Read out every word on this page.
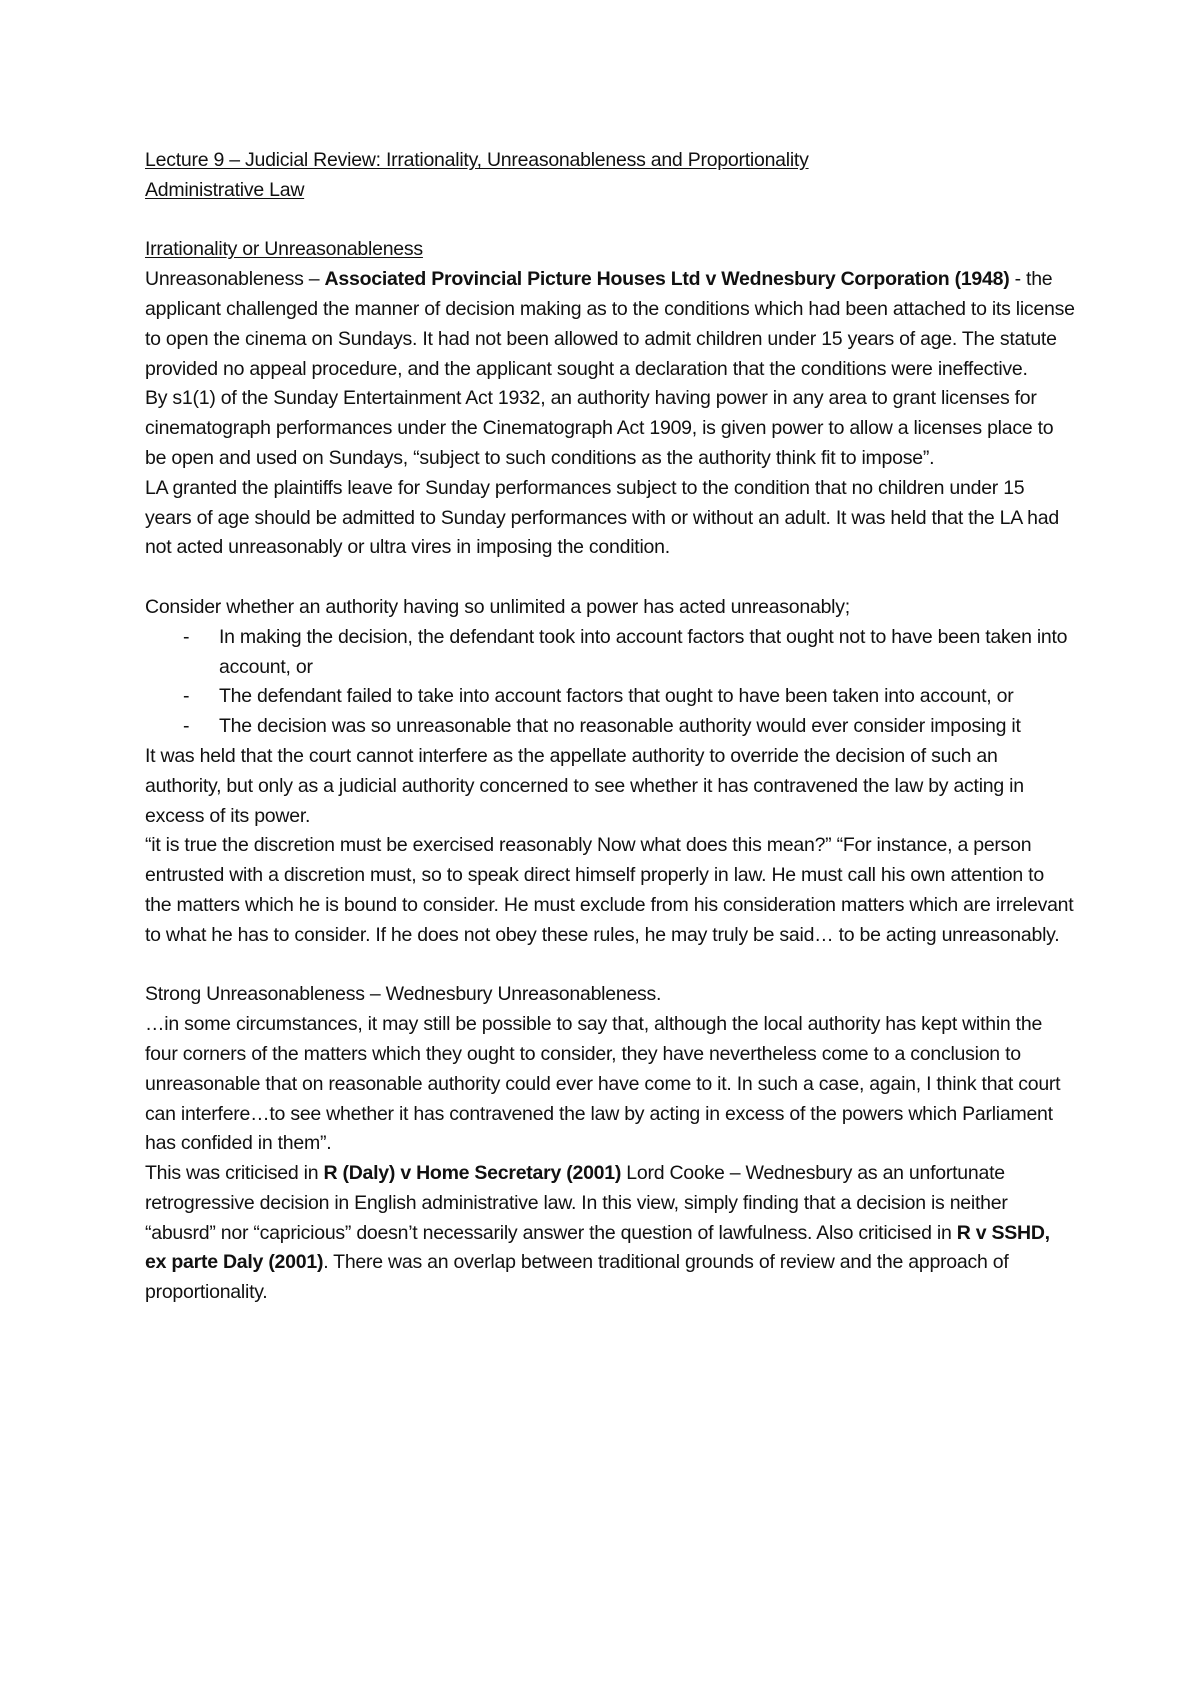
Lecture 9 – Judicial Review: Irrationality, Unreasonableness and Proportionality

Administrative Law

Irrationality or Unreasonableness

Unreasonableness – Associated Provincial Picture Houses Ltd v Wednesbury Corporation (1948) - the applicant challenged the manner of decision making as to the conditions which had been attached to its license to open the cinema on Sundays. It had not been allowed to admit children under 15 years of age. The statute provided no appeal procedure, and the applicant sought a declaration that the conditions were ineffective.

By s1(1) of the Sunday Entertainment Act 1932, an authority having power in any area to grant licenses for cinematograph performances under the Cinematograph Act 1909, is given power to allow a licenses place to be open and used on Sundays, “subject to such conditions as the authority think fit to impose”.

LA granted the plaintiffs leave for Sunday performances subject to the condition that no children under 15 years of age should be admitted to Sunday performances with or without an adult. It was held that the LA had not acted unreasonably or ultra vires in imposing the condition.

Consider whether an authority having so unlimited a power has acted unreasonably;

- In making the decision, the defendant took into account factors that ought not to have been taken into account, or
- The defendant failed to take into account factors that ought to have been taken into account, or
- The decision was so unreasonable that no reasonable authority would ever consider imposing it

It was held that the court cannot interfere as the appellate authority to override the decision of such an authority, but only as a judicial authority concerned to see whether it has contravened the law by acting in excess of its power.

“it is true the discretion must be exercised reasonably Now what does this mean?” “For instance, a person entrusted with a discretion must, so to speak direct himself properly in law. He must call his own attention to the matters which he is bound to consider. He must exclude from his consideration matters which are irrelevant to what he has to consider. If he does not obey these rules, he may truly be said… to be acting unreasonably.

Strong Unreasonableness – Wednesbury Unreasonableness.

…in some circumstances, it may still be possible to say that, although the local authority has kept within the four corners of the matters which they ought to consider, they have nevertheless come to a conclusion to unreasonable that on reasonable authority could ever have come to it. In such a case, again, I think that court can interfere…to see whether it has contravened the law by acting in excess of the powers which Parliament has confided in them”.

This was criticised in R (Daly) v Home Secretary (2001) Lord Cooke – Wednesbury as an unfortunate retrogressive decision in English administrative law. In this view, simply finding that a decision is neither “abusrd” nor “capricious” doesn’t necessarily answer the question of lawfulness. Also criticised in R v SSHD, ex parte Daly (2001). There was an overlap between traditional grounds of review and the approach of proportionality.
